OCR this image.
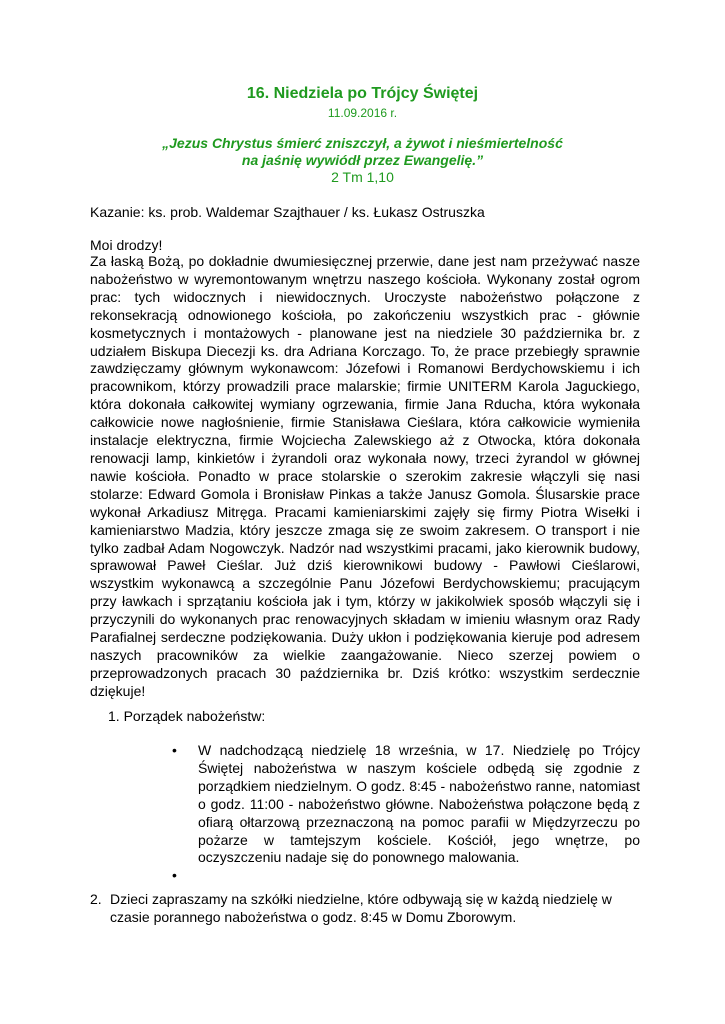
16. Niedziela po Trójcy Świętej
11.09.2016 r.
„Jezus Chrystus śmierć zniszczył, a żywot i nieśmiertelność
na jaśnię wywiódł przez Ewangelię.”
2 Tm 1,10
Kazanie: ks. prob. Waldemar Szajthauer / ks. Łukasz Ostruszka
Moi drodzy!
Za łaską Bożą, po dokładnie dwumiesięcznej przerwie, dane jest nam przeżywać nasze nabożeństwo w wyremontowanym wnętrzu naszego kościoła. Wykonany został ogrom prac: tych widocznych i niewidocznych. Uroczyste nabożeństwo połączone z rekonsekracją odnowionego kościoła, po zakończeniu wszystkich prac - głównie kosmetycznych i montażowych - planowane jest na niedziele 30 października br. z udziałem Biskupa Diecezji ks. dra Adriana Korczago. To, że prace przebiegły sprawnie zawdzięczamy głównym wykonawcom: Józefowi i Romanowi Berdychowskiemu i ich pracownikom, którzy prowadzili prace malarskie; firmie UNITERM Karola Jaguckiego, która dokonała całkowitej wymiany ogrzewania, firmie Jana Rducha, która wykonała całkowicie nowe nagłośnienie, firmie Stanisława Cieślara, która całkowicie wymieniła instalacje elektryczna, firmie Wojciecha Zalewskiego aż z Otwocka, która dokonała renowacji lamp, kinkietów i żyrandoli oraz wykonała nowy, trzeci żyrandol w głównej nawie kościoła. Ponadto w prace stolarskie o szerokim zakresie włączyli się nasi stolarze: Edward Gomola i Bronisław Pinkas a także Janusz Gomola. Ślusarskie prace wykonał Arkadiusz Mitręga. Pracami kamieniarskimi zajęły się firmy Piotra Wisełki i kamieniarstwo Madzia, który jeszcze zmaga się ze swoim zakresem. O transport i nie tylko zadbał Adam Nogowczyk. Nadzór nad wszystkimi pracami, jako kierownik budowy, sprawował Paweł Cieślar. Już dziś kierownikowi budowy - Pawłowi Cieślarowi, wszystkim wykonawcą a szczególnie Panu Józefowi Berdychowskiemu; pracującym przy ławkach i sprzątaniu kościoła jak i tym, którzy w jakikolwiek sposób włączyli się i przyczynili do wykonanych prac renowacyjnych składam w imieniu własnym oraz Rady Parafialnej serdeczne podziękowania. Duży ukłon i podziękowania kieruje pod adresem naszych pracowników za wielkie zaangażowanie. Nieco szerzej powiem o przeprowadzonych pracach 30 października br. Dziś krótko: wszystkim serdecznie dziękuje!
1. Porządek nabożeństw:
• W nadchodzącą niedzielę 18 września, w 17. Niedzielę po Trójcy Świętej nabożeństwa w naszym kościele odbędą się zgodnie z porządkiem niedzielnym. O godz. 8:45 - nabożeństwo ranne, natomiast o godz. 11:00 - nabożeństwo główne. Nabożeństwa połączone będą z ofiarą ołtarzową przeznaczoną na pomoc parafii w Międzyrzeczu po pożarze w tamtejszym kościele. Kościół, jego wnętrze, po oczyszczeniu nadaje się do ponownego malowania.
•
2. Dzieci zapraszamy na szkółki niedzielne, które odbywają się w każdą niedzielę w czasie porannego nabożeństwa o godz. 8:45 w Domu Zborowym.
